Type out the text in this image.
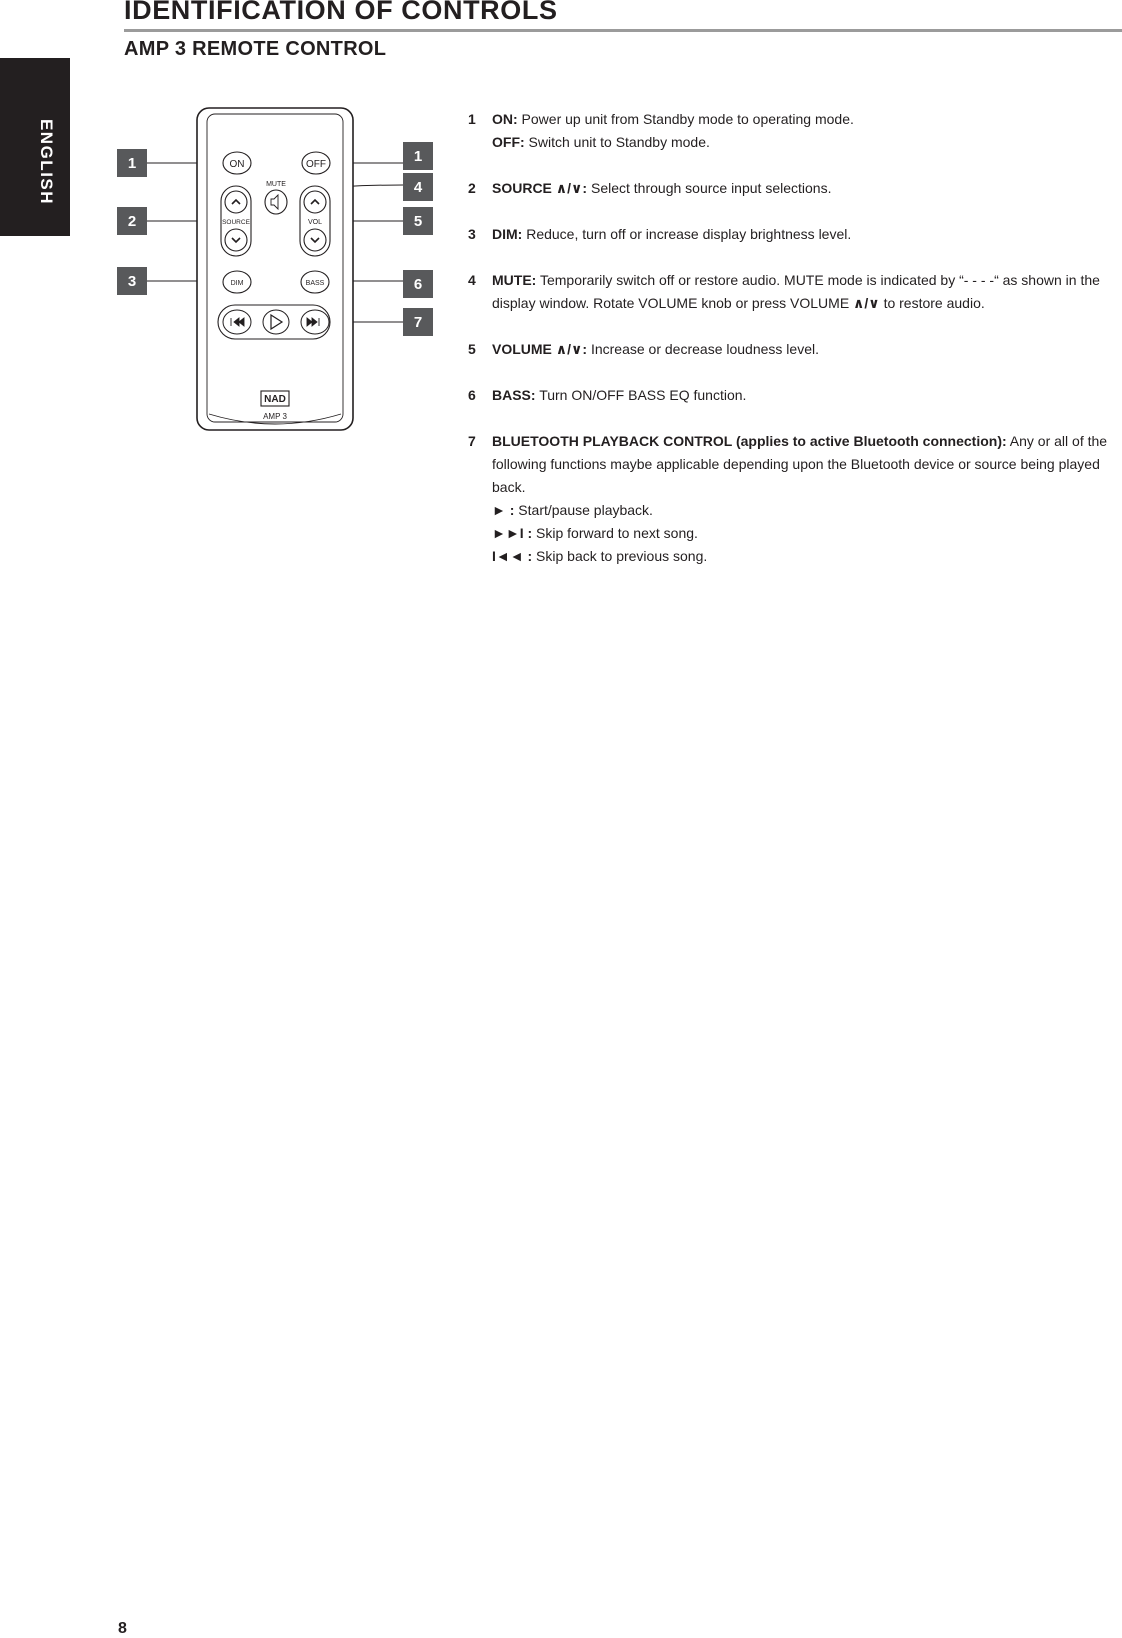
ENGLISH
IDENTIFICATION OF CONTROLS
AMP 3 REMOTE CONTROL
ON	OFF
MUTE
SOURCE	VOL
DIM	BASS
NAD
AMP 3
1
2
3
1
4
5
6
7
1 ON: Power up unit from Standby mode to operating mode.
OFF: Switch unit to Standby mode.
2 SOURCE ∧/∨: Select through source input selections.
3 DIM: Reduce, turn off or increase display brightness level.
4 MUTE: Temporarily switch off or restore audio. MUTE mode is indicated by “- - - -“ as shown in the display window. Rotate VOLUME knob or press VOLUME ∧/∨ to restore audio.
5 VOLUME ∧/∨: Increase or decrease loudness level.
6 BASS: Turn ON/OFF BASS EQ function.
7 BLUETOOTH PLAYBACK CONTROL (applies to active Bluetooth connection): Any or all of the following functions maybe applicable depending upon the Bluetooth device or source being played back.
► : Start/pause playback.
►►I : Skip forward to next song.
I◄◄ : Skip back to previous song.
8
